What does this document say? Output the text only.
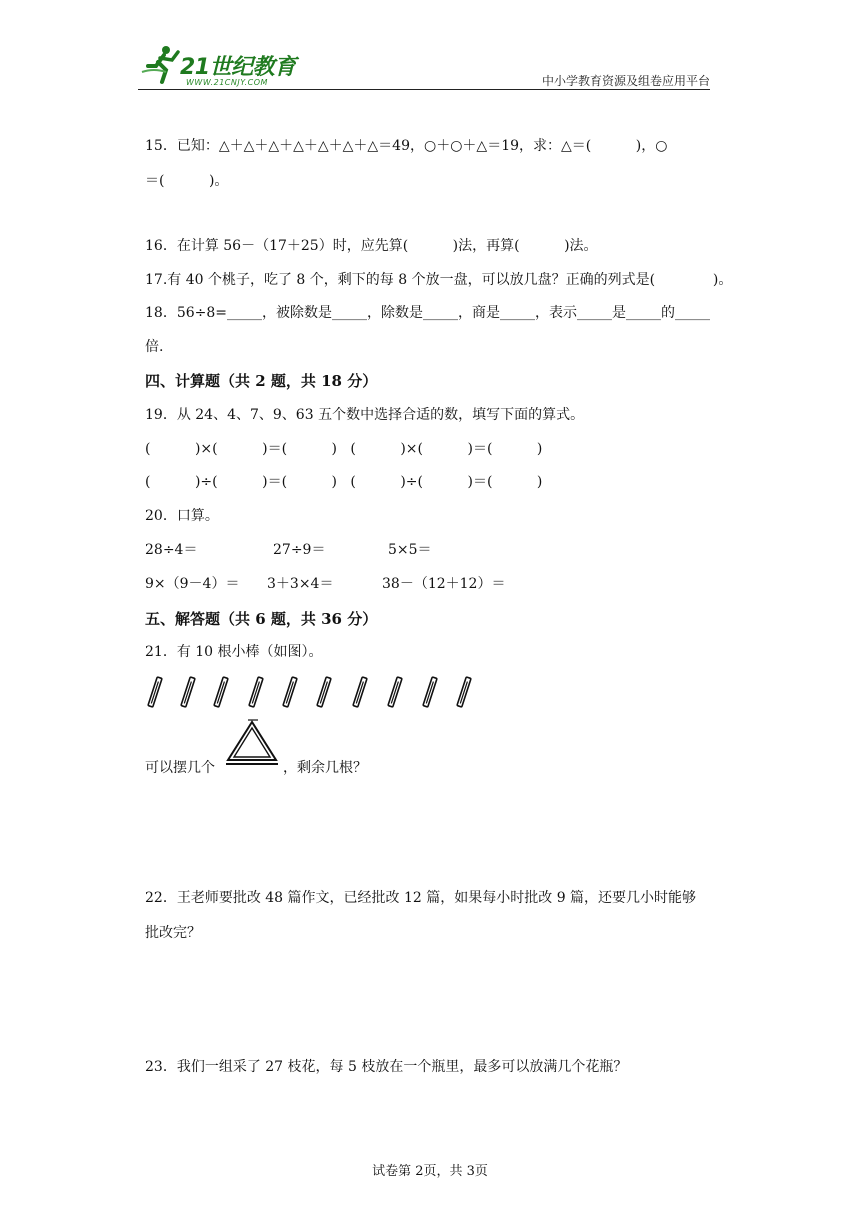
21世纪教育
WWW.21CNJY.COM	中小学教育资源及组卷应用平台
15．已知：△＋△＋△＋△＋△＋△＋△＝49，○＋○＋△＝19，求：△＝(          )，○
＝(          )。
16．在计算 56－（17＋25）时，应先算(          )法，再算(          )法。
17.有 40 个桃子，吃了 8 个，剩下的每 8 个放一盘，可以放几盘？正确的列式是(             )。
18．56÷8=_____，被除数是_____，除数是_____，商是_____，表示_____是_____的_____
倍.
四、计算题（共 2 题，共 18 分）
19．从 24、4、7、9、63 五个数中选择合适的数，填写下面的算式。
(          )×(          )＝(          )   (          )×(          )＝(          )
(          )÷(          )＝(          )   (          )÷(          )＝(          )
20．口算。
28÷4＝	27÷9＝	5×5＝
9×（9－4）＝ 3＋3×4＝	38－（12＋12）＝
五、解答题（共 6 题，共 36 分）
21．有 10 根小棒（如图）。
可以摆几个	，剩余几根？
22．王老师要批改 48 篇作文，已经批改 12 篇，如果每小时批改 9 篇，还要几小时能够
批改完？
23．我们一组采了 27 枝花，每 5 枝放在一个瓶里，最多可以放满几个花瓶？
试卷第 2页，共 3页
